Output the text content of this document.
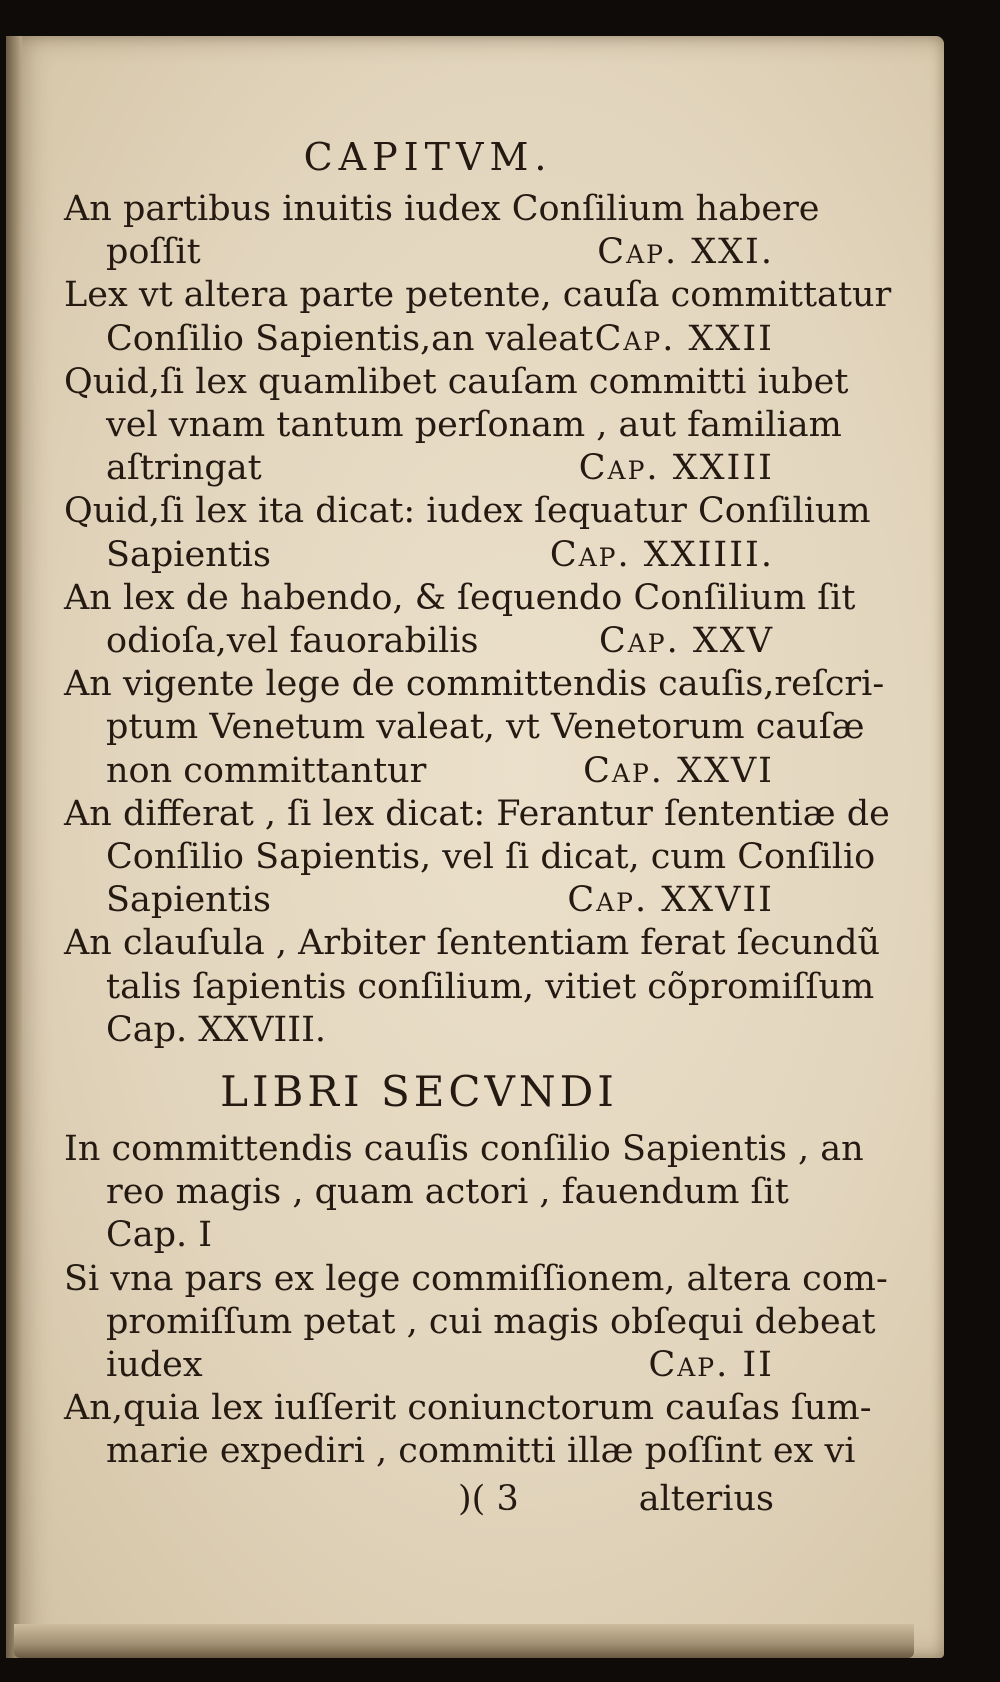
CAPITVM.
An partibus inuitis iudex Conſilium habere
poſſit	Cap. XXI.
Lex vt altera parte petente, cauſa committatur
Conſilio Sapientis,an valeat Cap. XXII
Quid,ſi lex quamlibet cauſam committi iubet
vel vnam tantum perſonam , aut familiam
aſtringat	Cap. XXIII
Quid,ſi lex ita dicat: iudex ſequatur Conſilium
Sapientis	Cap. XXIIII.
An lex de habendo, & ſequendo Conſilium ſit
odioſa,vel fauorabilis	Cap. XXV
An vigente lege de committendis cauſis,reſcri-
ptum Venetum valeat, vt Venetorum cauſæ
non committantur	Cap. XXVI
An differat , ſi lex dicat: Ferantur ſententiæ de
Conſilio Sapientis, vel ſi dicat, cum Conſilio
Sapientis	Cap. XXVII
An clauſula , Arbiter ſententiam ferat ſecundũ
talis ſapientis conſilium, vitiet cõpromiſſum
Cap. XXVIII.
LIBRI SECVNDI
In committendis cauſis conſilio Sapientis , an
reo magis , quam actori , fauendum ſit
Cap. I
Si vna pars ex lege commiſſionem, altera com-
promiſſum petat , cui magis obſequi debeat
iudex	Cap. II
An,quia lex iuſſerit coniunctorum cauſas ſum-
marie expediri , committi illæ poſſint ex vi
)( 3	alterius
